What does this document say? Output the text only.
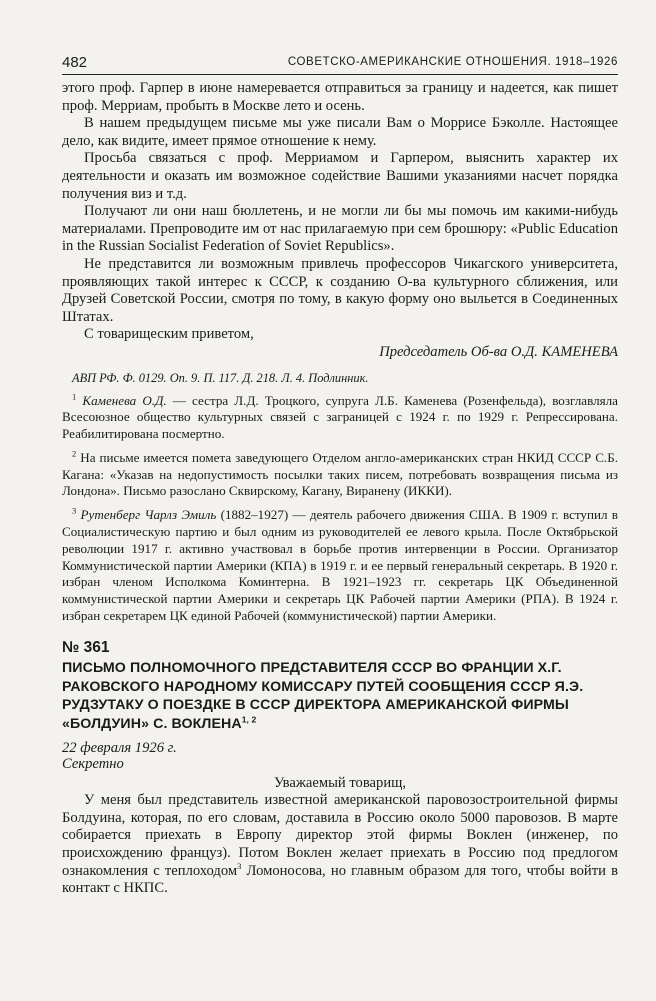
482	СОВЕТСКО-АМЕРИКАНСКИЕ ОТНОШЕНИЯ. 1918–1926

этого проф. Гарпер в июне намеревается отправиться за границу и надеется, как пишет проф. Мерриам, пробыть в Москве лето и осень.

В нашем предыдущем письме мы уже писали Вам о Моррисе Бэколле. Настоящее дело, как видите, имеет прямое отношение к нему.

Просьба связаться с проф. Мерриамом и Гарпером, выяснить характер их деятельности и оказать им возможное содействие Вашими указаниями насчет порядка получения виз и т.д.

Получают ли они наш бюллетень, и не могли ли бы мы помочь им какими-нибудь материалами. Препроводите им от нас прилагаемую при сем брошюру: «Public Education in the Russian Socialist Federation of Soviet Republics».

Не представится ли возможным привлечь профессоров Чикагского университета, проявляющих такой интерес к СССР, к созданию О-ва культурного сближения, или Друзей Советской России, смотря по тому, в какую форму оно выльется в Соединенных Штатах.

С товарищеским приветом,

Председатель Об-ва О.Д. КАМЕНЕВА
АВП РФ. Ф. 0129. Оп. 9. П. 117. Д. 218. Л. 4. Подлинник.
$^1$ Каменева О.Д. — сестра Л.Д. Троцкого, супруга Л.Б. Каменева (Розенфельда), возглавляла Всесоюзное общество культурных связей с заграницей с 1924 г. по 1929 г. Репрессирована. Реабилитирована посмертно.
$^2$ На письме имеется помета заведующего Отделом англо-американских стран НКИД СССР С.Б. Кагана: «Указав на недопустимость посылки таких писем, потребовать возвращения письма из Лондона». Письмо разослано Сквирскому, Кагану, Виранену (ИККИ).
$^3$ Рутенберг Чарлз Эмиль (1882–1927) — деятель рабочего движения США. В 1909 г. вступил в Социалистическую партию и был одним из руководителей ее левого крыла. После Октябрьской революции 1917 г. активно участвовал в борьбе против интервенции в России. Организатор Коммунистической партии Америки (КПА) в 1919 г. и ее первый генеральный секретарь. В 1920 г. избран членом Исполкома Коминтерна. В 1921–1923 гг. секретарь ЦК Объединенной коммунистической партии Америки и секретарь ЦК Рабочей партии Америки (РПА). В 1924 г. избран секретарем ЦК единой Рабочей (коммунистической) партии Америки.
№ 361
ПИСЬМО ПОЛНОМОЧНОГО ПРЕДСТАВИТЕЛЯ СССР ВО ФРАНЦИИ Х.Г. РАКОВСКОГО НАРОДНОМУ КОМИССАРУ ПУТЕЙ СООБЩЕНИЯ СССР Я.Э. РУДЗУТАКУ О ПОЕЗДКЕ В СССР ДИРЕКТОРА АМЕРИКАНСКОЙ ФИРМЫ «БОЛДУИН» С. ВОКЛЕНА$^{1, 2}$
22 февраля 1926 г.
Секретно
Уважаемый товарищ,

У меня был представитель известной американской паровозостроительной фирмы Болдуина, которая, по его словам, доставила в Россию около 5000 паровозов. В марте собирается приехать в Европу директор этой фирмы Воклен (инженер, по происхождению француз). Потом Воклен желает приехать в Россию под предлогом ознакомления с теплоходом$^3$ Ломоносова, но главным образом для того, чтобы войти в контакт с НКПС.
